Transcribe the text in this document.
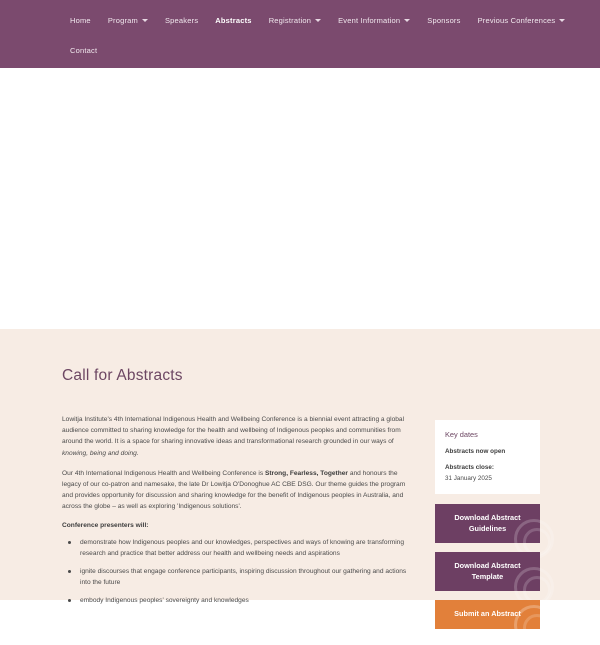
Home Program	Speakers Abstracts Registration	Event Information	Sponsors Previous Conferences
Contact
Call for Abstracts

Lowitja Institute's 4th International Indigenous Health and Wellbeing Conference is a biennial event attracting a global audience committed to sharing knowledge for the health and wellbeing of Indigenous peoples and communities from around the world. It is a space for sharing innovative ideas and transformational research grounded in our ways of knowing, being and doing.

Our 4th International Indigenous Health and Wellbeing Conference is Strong, Fearless, Together and honours the legacy of our co-patron and namesake, the late Dr Lowitja O'Donoghue AC CBE DSG. Our theme guides the program and provides opportunity for discussion and sharing knowledge for the benefit of Indigenous peoples in Australia, and across the globe – as well as exploring 'Indigenous solutions'.

Conference presenters will:
demonstrate how Indigenous peoples and our knowledges, perspectives and ways of knowing are transforming research and practice that better address our health and wellbeing needs and aspirations
ignite discourses that engage conference participants, inspiring discussion throughout our gathering and actions into the future
embody Indigenous peoples' sovereignty and knowledges
Key dates
Abstracts now open
Abstracts close:
31 January 2025
Download Abstract Guidelines
Download Abstract Template
Submit an Abstract
